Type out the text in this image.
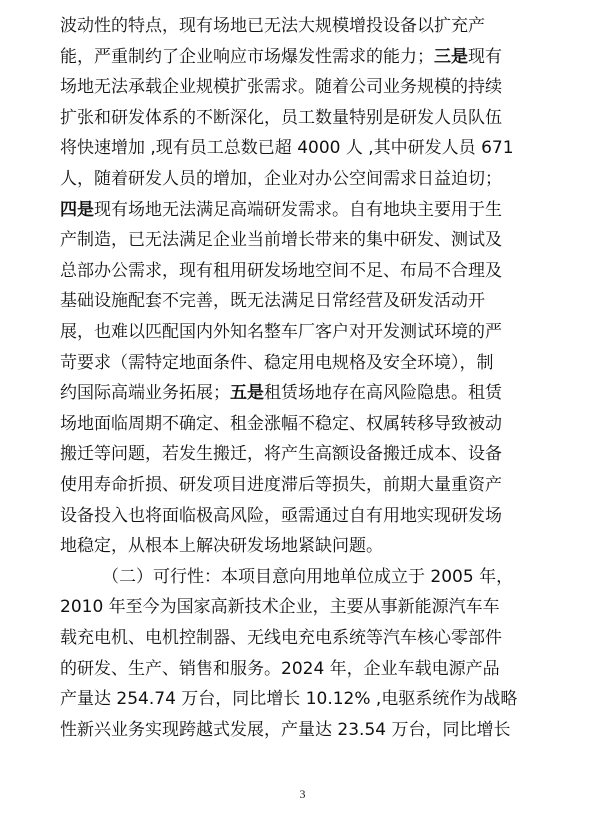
波动性的特点，现有场地已无法大规模增投设备以扩充产
能，严重制约了企业响应市场爆发性需求的能力；三是现有
场地无法承载企业规模扩张需求。随着公司业务规模的持续
扩张和研发体系的不断深化，员工数量特别是研发人员队伍
将快速增加 ,现有员工总数已超 4000 人 ,其中研发人员 671
人，随着研发人员的增加，企业对办公空间需求日益迫切；
四是现有场地无法满足高端研发需求。自有地块主要用于生
产制造，已无法满足企业当前增长带来的集中研发、测试及
总部办公需求，现有租用研发场地空间不足、布局不合理及
基础设施配套不完善，既无法满足日常经营及研发活动开
展，也难以匹配国内外知名整车厂客户对开发测试环境的严
苛要求（需特定地面条件、稳定用电规格及安全环境），制
约国际高端业务拓展；五是租赁场地存在高风险隐患。租赁
场地面临周期不确定、租金涨幅不稳定、权属转移导致被动
搬迁等问题，若发生搬迁，将产生高额设备搬迁成本、设备
使用寿命折损、研发项目进度滞后等损失，前期大量重资产
设备投入也将面临极高风险，亟需通过自有用地实现研发场
地稳定，从根本上解决研发场地紧缺问题。
（二）可行性：本项目意向用地单位成立于 2005 年，
2010 年至今为国家高新技术企业，主要从事新能源汽车车
载充电机、电机控制器、无线电充电系统等汽车核心零部件
的研发、生产、销售和服务。2024 年，企业车载电源产品
产量达 254.74 万台，同比增长 10.12% ,电驱系统作为战略
性新兴业务实现跨越式发展，产量达 23.54 万台，同比增长
3
